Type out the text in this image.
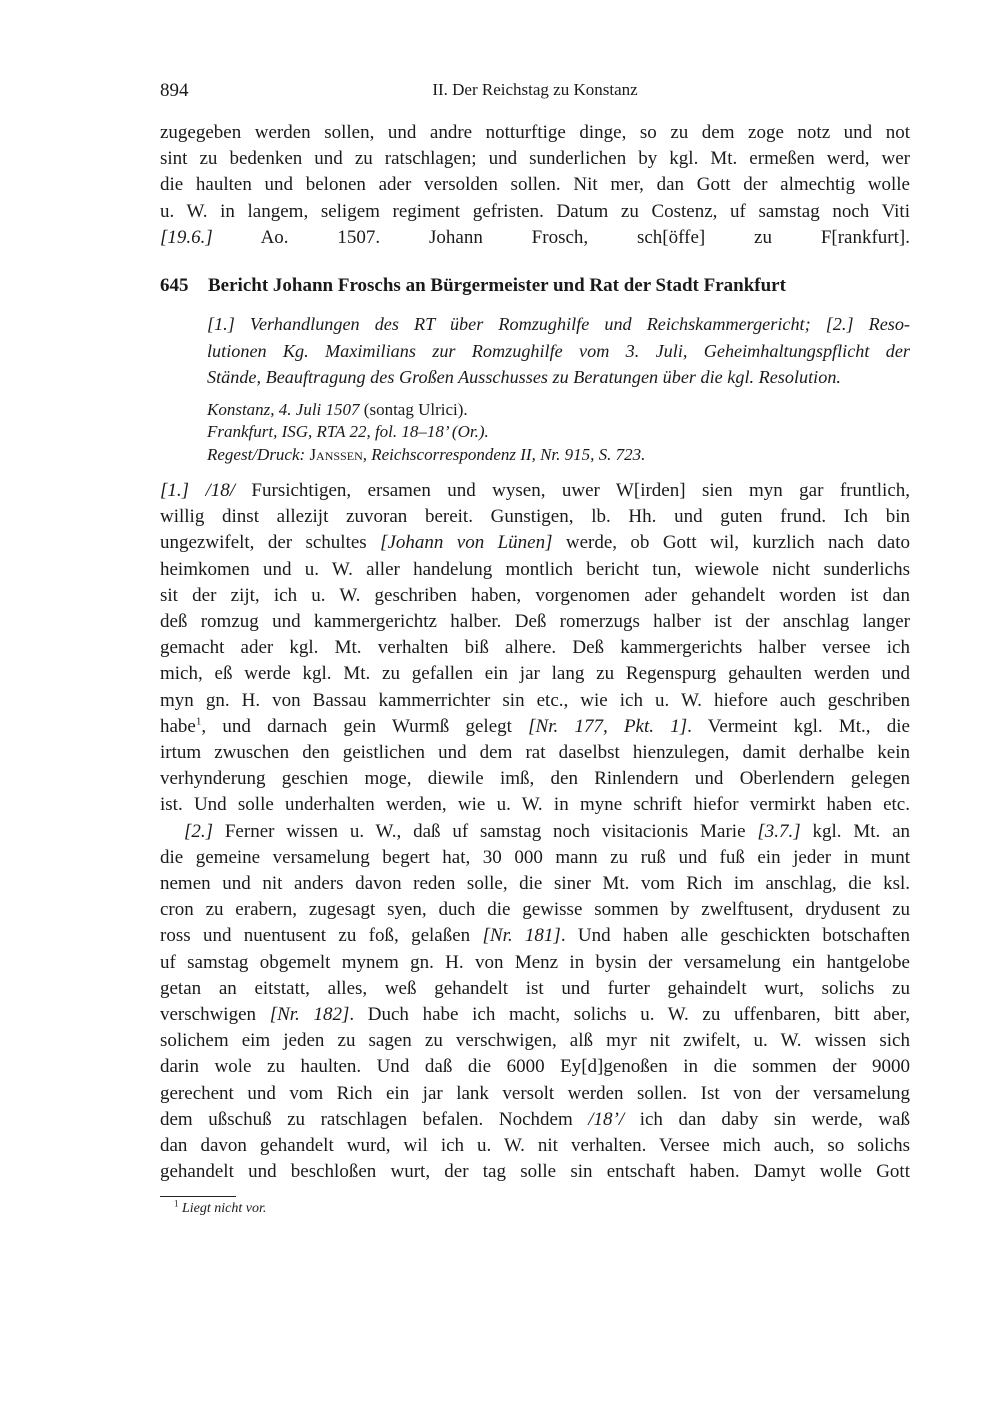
894	II. Der Reichstag zu Konstanz
zugegeben werden sollen, und andre notturftige dinge, so zu dem zoge notz und not
sint zu bedenken und zu ratschlagen; und sunderlichen by kgl. Mt. ermeßen werd, wer
die haulten und belonen ader versolden sollen. Nit mer, dan Gott der almechtig wolle
u. W. in langem, seligem regiment gefristen. Datum zu Costenz, uf samstag noch Viti
[19.6.] Ao. 1507.	Johann Frosch, sch[öffe] zu F[rankfurt].
645	Bericht Johann Froschs an Bürgermeister und Rat der Stadt Frankfurt
[1.] Verhandlungen des RT über Romzughilfe und Reichskammergericht; [2.] Reso-
lutionen Kg. Maximilians zur Romzughilfe vom 3. Juli, Geheimhaltungspflicht der
Stände, Beauftragung des Großen Ausschusses zu Beratungen über die kgl. Resolution.
Konstanz, 4. Juli 1507 (sontag Ulrici).
Frankfurt, ISG, RTA 22, fol. 18–18’ (Or.).
Regest/Druck: Janssen, Reichscorrespondenz II, Nr. 915, S. 723.
[1.] /18/ Fursichtigen, ersamen und wysen, uwer W[irden] sien myn gar fruntlich,
willig dinst allezijt zuvoran bereit. Gunstigen, lb. Hh. und guten frund. Ich bin
ungezwifelt, der schultes [Johann von Lünen] werde, ob Gott wil, kurzlich nach dato
heimkomen und u. W. aller handelung montlich bericht tun, wiewole nicht sunderlichs
sit der zijt, ich u. W. geschriben haben, vorgenomen ader gehandelt worden ist dan
deß romzug und kammergerichtz halber. Deß romerzugs halber ist der anschlag langer
gemacht ader kgl. Mt. verhalten biß alhere. Deß kammergerichts halber versee ich
mich, eß werde kgl. Mt. zu gefallen ein jar lang zu Regenspurg gehaulten werden und
myn gn. H. von Bassau kammerrichter sin etc., wie ich u. W. hiefore auch geschriben
habe$^1$, und darnach gein Wurmß gelegt [Nr. 177, Pkt. 1]. Vermeint kgl. Mt., die
irtum zwuschen den geistlichen und dem rat daselbst hienzulegen, damit derhalbe kein
verhynderung geschien moge, diewile imß, den Rinlendern und Oberlendern gelegen
ist. Und solle underhalten werden, wie u. W. in myne schrift hiefor vermirkt haben etc.
[2.] Ferner wissen u. W., daß uf samstag noch visitacionis Marie [3.7.] kgl. Mt. an
die gemeine versamelung begert hat, 30 000 mann zu ruß und fuß ein jeder in munt
nemen und nit anders davon reden solle, die siner Mt. vom Rich im anschlag, die ksl.
cron zu erabern, zugesagt syen, duch die gewisse sommen by zwelftusent, drydusent zu
ross und nuentusent zu foß, gelaßen [Nr. 181]. Und haben alle geschickten botschaften
uf samstag obgemelt mynem gn. H. von Menz in bysin der versamelung ein hantgelobe
getan an eitstatt, alles, weß gehandelt ist und furter gehaindelt wurt, solichs zu
verschwigen [Nr. 182]. Duch habe ich macht, solichs u. W. zu uffenbaren, bitt aber,
solichem eim jeden zu sagen zu verschwigen, alß myr nit zwifelt, u. W. wissen sich
darin wole zu haulten. Und daß die 6000 Ey[d]genoßen in die sommen der 9000
gerechent und vom Rich ein jar lank versolt werden sollen. Ist von der versamelung
dem ußschuß zu ratschlagen befalen. Nochdem /18’/ ich dan daby sin werde, waß
dan davon gehandelt wurd, wil ich u. W. nit verhalten. Versee mich auch, so solichs
gehandelt und beschloßen wurt, der tag solle sin entschaft haben. Damyt wolle Gott
$^1$ Liegt nicht vor.
